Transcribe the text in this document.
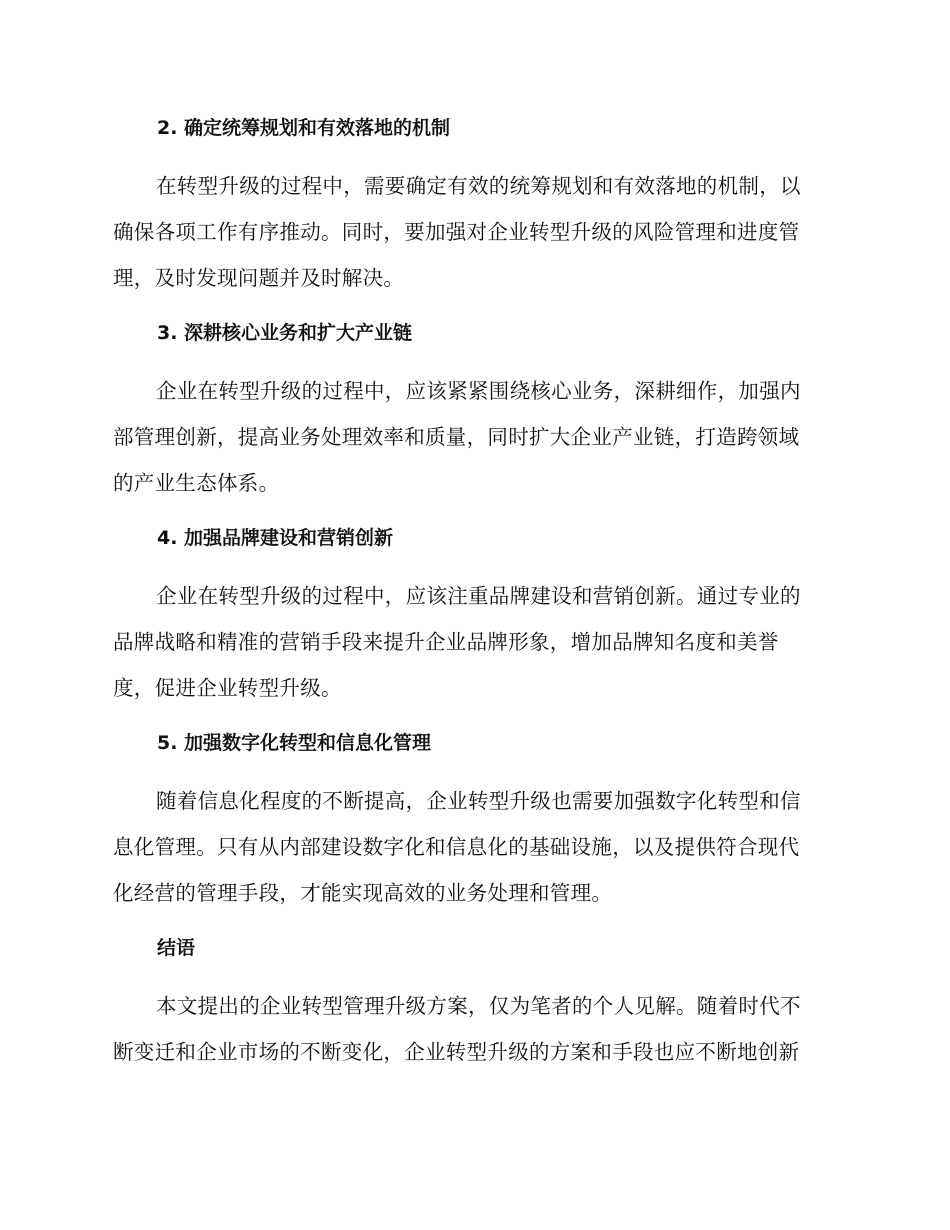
2. 确定统筹规划和有效落地的机制
在转型升级的过程中，需要确定有效的统筹规划和有效落地的机制，以
确保各项工作有序推动。同时，要加强对企业转型升级的风险管理和进度管
理，及时发现问题并及时解决。
3. 深耕核心业务和扩大产业链
企业在转型升级的过程中，应该紧紧围绕核心业务，深耕细作，加强内
部管理创新，提高业务处理效率和质量，同时扩大企业产业链，打造跨领域
的产业生态体系。
4. 加强品牌建设和营销创新
企业在转型升级的过程中，应该注重品牌建设和营销创新。通过专业的
品牌战略和精准的营销手段来提升企业品牌形象，增加品牌知名度和美誉
度，促进企业转型升级。
5. 加强数字化转型和信息化管理
随着信息化程度的不断提高，企业转型升级也需要加强数字化转型和信
息化管理。只有从内部建设数字化和信息化的基础设施，以及提供符合现代
化经营的管理手段，才能实现高效的业务处理和管理。
结语
本文提出的企业转型管理升级方案，仅为笔者的个人见解。随着时代不
断变迁和企业市场的不断变化，企业转型升级的方案和手段也应不断地创新
